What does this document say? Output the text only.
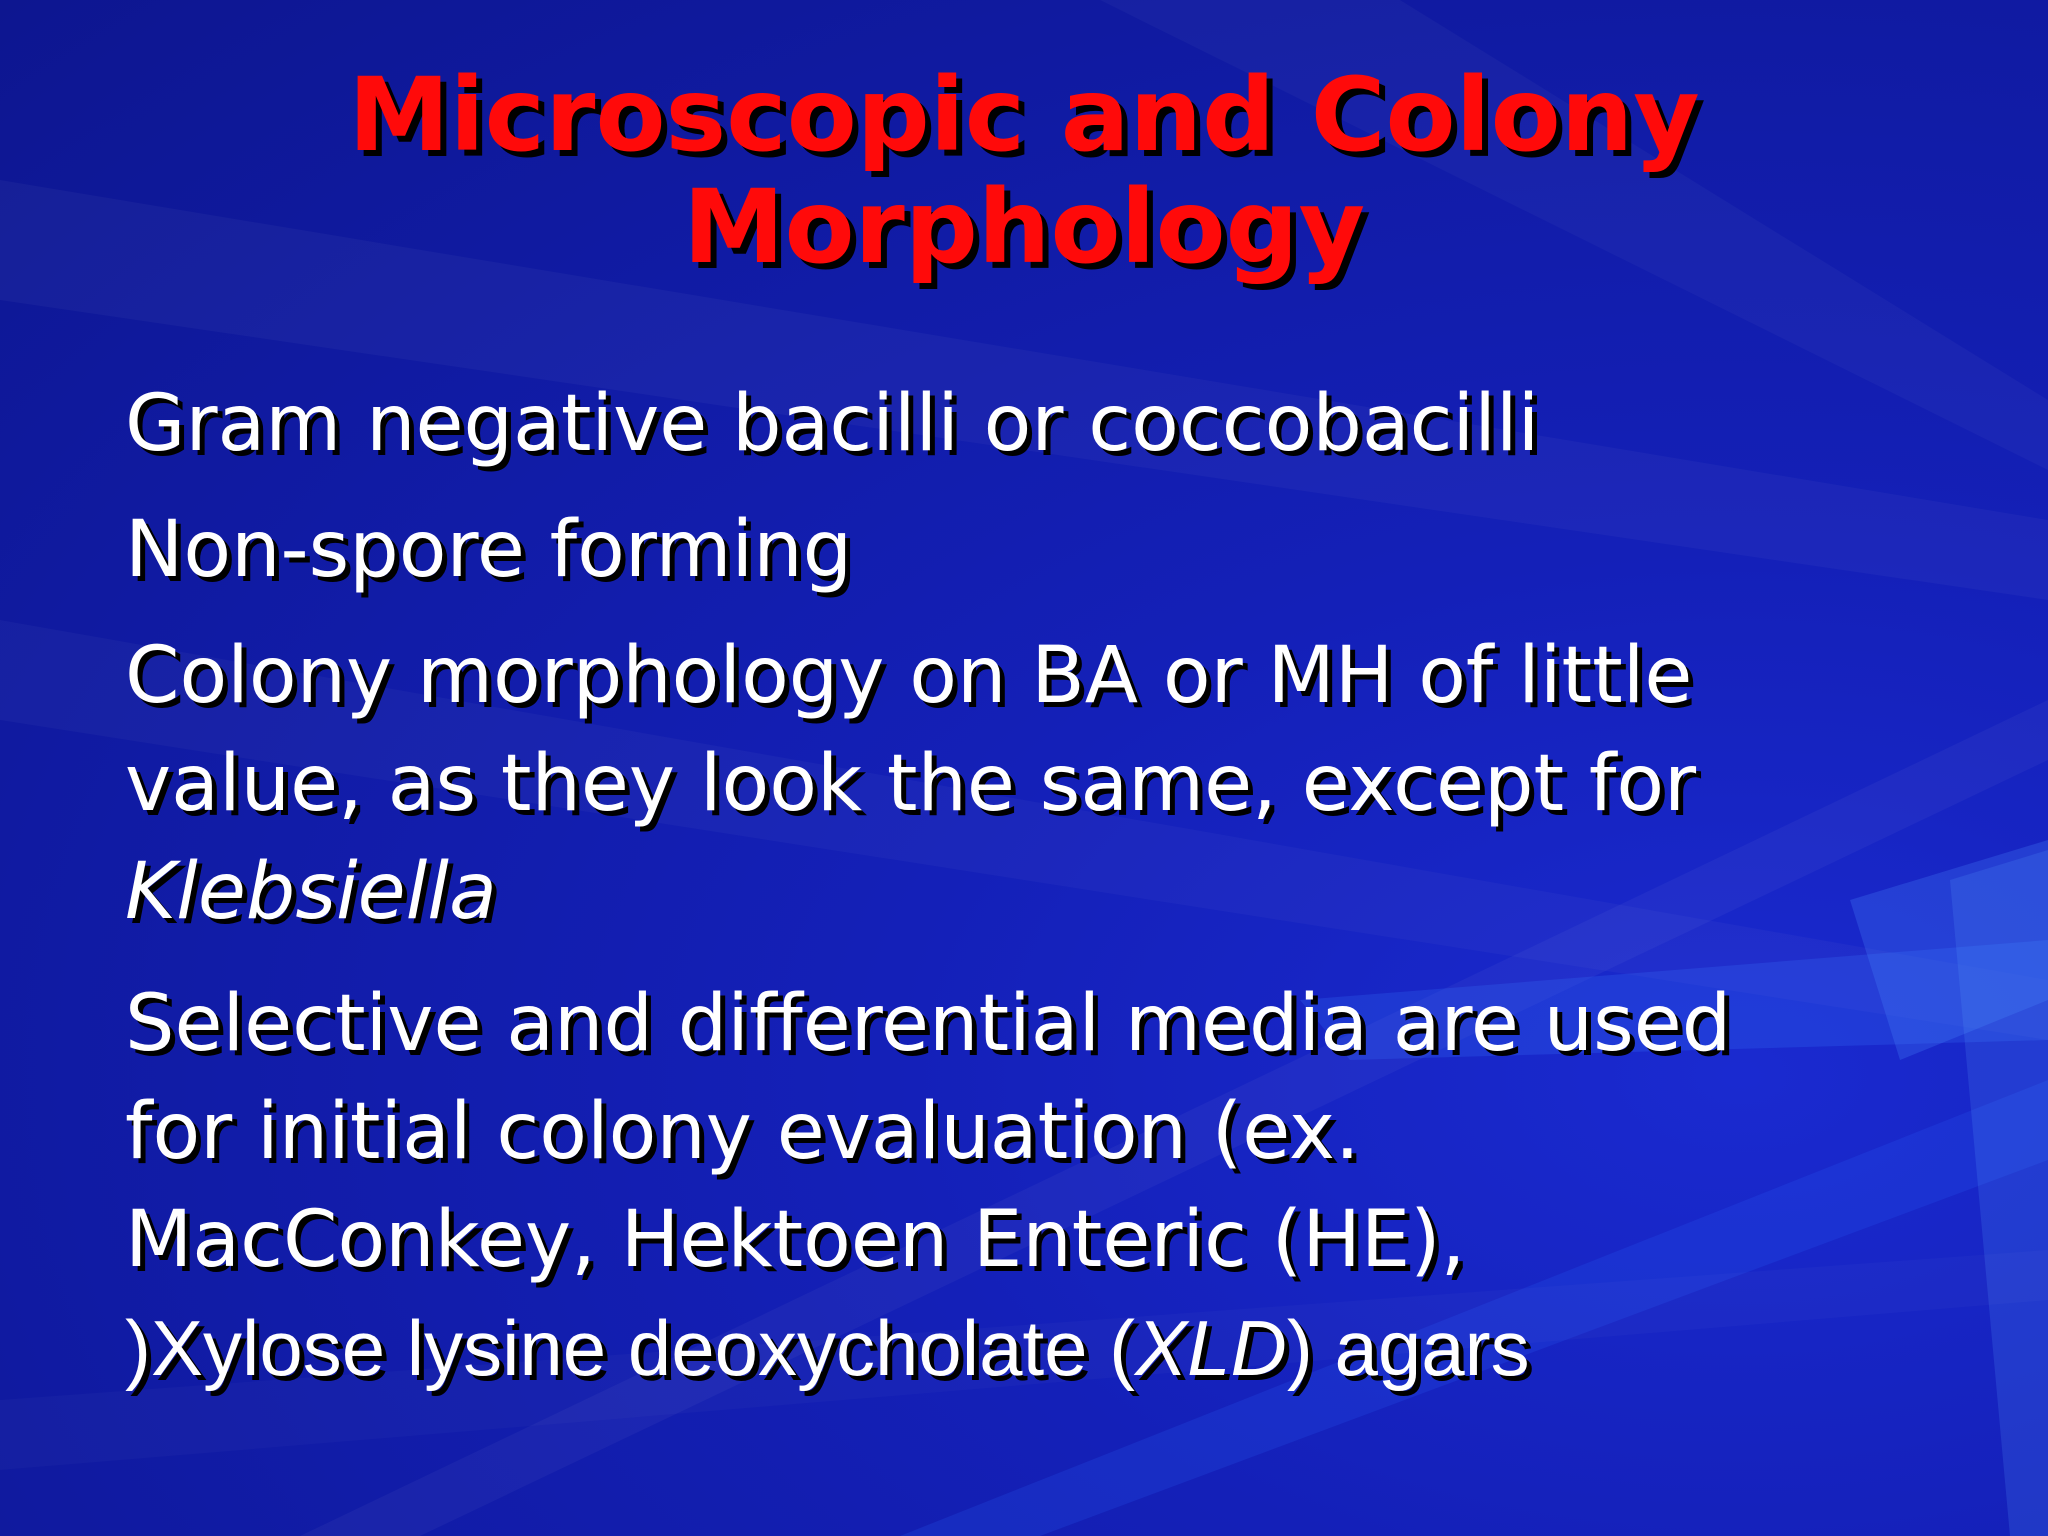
Microscopic and Colony
Morphology
Gram negative bacilli or coccobacilli
Non-spore forming
Colony morphology on BA or MH of little
value, as they look the same, except for
Klebsiella
Selective and differential media are used
for initial colony evaluation (ex.
MacConkey, Hektoen Enteric (HE),
)Xylose lysine deoxycholate (XLD) agars
